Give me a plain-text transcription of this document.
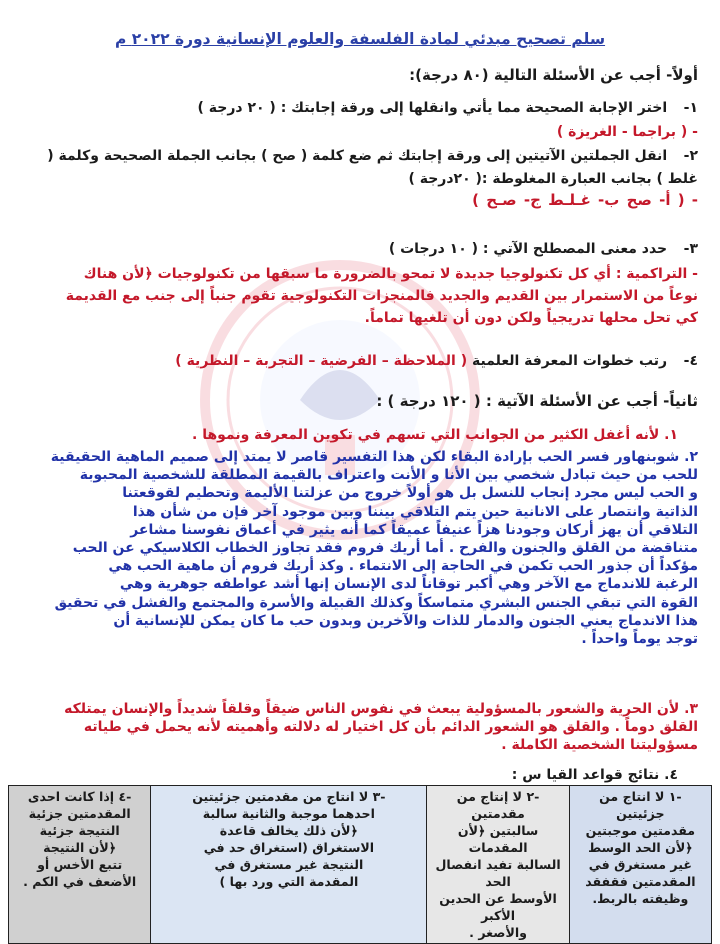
سلم تصحيح مبدئي لمادة الفلسفة والعلوم الإنسانية دورة ٢٠٢٢ م
أولاً- أجب عن الأسئلة التالية (٨٠ درجة):
١- اختر الإجابة الصحيحة مما يأتي وانقلها إلى ورقة إجابتك : ( ٢٠ درجة )
- ( براجما - الغريزة )
٢- انقل الجملتين الآتيتين إلى ورقة إجابتك ثم ضع كلمة ( صح ) بجانب الجملة الصحيحة وكلمة (
غلط ) بجانب العبارة المغلوطة :( ٢٠درجة )
- ( أ- صح ب- غـلـط ج- صـح )
٣- حدد معنى المصطلح الآتي : ( ١٠ درجات )
- التراكمية : أي كل تكنولوجيا جديدة لا تمحو بالضرورة ما سبقها من تكنولوجيات ﴿لأن هناك
نوعاً من الاستمرار بين القديم والجديد فالمنجزات التكنولوجية تقوم جنباً إلى جنب مع القديمة
كي تحل محلها تدريجياً ولكن دون أن تلغيها تماماً.
٤- رتب خطوات المعرفة العلمية ( الملاحظة – الفرضية – التجربة – النظرية )
ثانياً- أجب عن الأسئلة الآتية : ( ١٢٠ درجة ) :
١. لأنه أغفل الكثير من الجوانب التي تسهم في تكوين المعرفة ونموها .
٢. شوبنهاور فسر الحب بإرادة البقاء لكن هذا التفسير قاصر لا يمتد إلى صميم الماهية الحقيقية
للحب من حيث تبادل شخصي بين الأنا و الأنت واعتراف بالقيمة المطلقة للشخصية المحبوبة
و الحب ليس مجرد إنجاب للنسل بل هو أولاً خروج من عزلتنا الأليمة وتحطيم لقوقعتنا
الذاتية وانتصار على الانانية حين يتم التلاقي بيننا وبين موجود آخر فإن من شأن هذا
التلاقي أن يهز أركان وجودنا هزاً عنيفاً عميقاً كما أنه يثير في أعماق نفوسنا مشاعر
متناقضة من القلق والجنون والفرح . أما أريك فروم فقد تجاوز الخطاب الكلاسيكي عن الحب
مؤكداً أن جذور الحب تكمن في الحاجة إلى الانتماء . وكذ أريك فروم أن ماهية الحب هي
الرغبة للاندماج مع الآخر وهي أكبر توقاناً لدى الإنسان إنها أشد عواطفه جوهرية وهي
القوة التي تبقي الجنس البشري متماسكاً وكذلك القبيلة والأسرة والمجتمع والفشل في تحقيق
هذا الاندماج يعني الجنون والدمار للذات والآخرين وبدون حب ما كان يمكن للإنسانية أن
توجد يوماً واحداً .
٣. لأن الحرية والشعور بالمسؤولية يبعث في نفوس الناس ضيقاً وقلقاً شديداً والإنسان يمتلكه
القلق دوماً . والقلق هو الشعور الدائم بأن كل اختيار له دلالته وأهميته لأنه يحمل في طياته
مسؤوليتنا الشخصية الكاملة .
٤. نتائج قواعد القيا س :
-١ لا انتاج من جزئيتين
مقدمتين موجبتين
﴿لأن الحد الوسط
غير مستغرق في
المقدمتين فقفقد
وظيفته بالربط.

-٢ لا إنتاج من مقدمتين
سالبتين ﴿لأن المقدمات
السالبة تفيد انفصال الحد
الأوسط عن الحدين الأكبر
والأصغر .

-٣ لا انتاج من مقدمتين جزئيتين
احدهما موجبة والثانية سالبة
﴿لأن ذلك يخالف قاعدة
الاستغراق (استغراق حد في
النتيجة غير مستغرق في
المقدمة التي ورد بها )

-٤ إذا كانت احدى
المقدمتين جزئية
النتيجة جزئية
﴿لأن النتيجة
تتبع الأخس أو
الأضعف في الكم .
